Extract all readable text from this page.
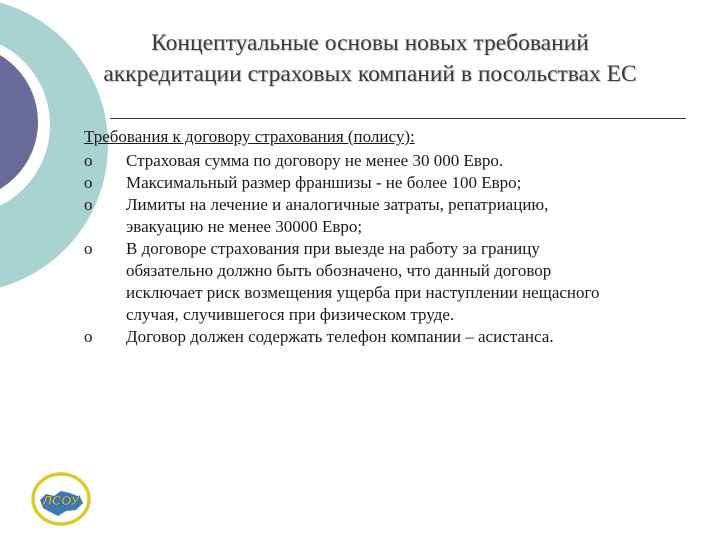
Концептуальные основы новых требований
аккредитации страховых компаний в посольствах ЕС
Требования к договору страхования (полису):
o Страховая сумма по договору не менее 30 000 Евро.
o Максимальный размер франшизы - не более 100 Евро;
o Лимиты на лечение и аналогичные затраты, репатриацию,
эвакуацию не менее 30000 Евро;
o В договоре страхования при выезде на работу за границу
обязательно должно быть обозначено, что данный договор
исключает риск возмещения ущерба при наступлении нещасного
случая, случившегося при физическом труде.
o Договор должен содержать телефон компании – асистанса.
ЛСОУ
